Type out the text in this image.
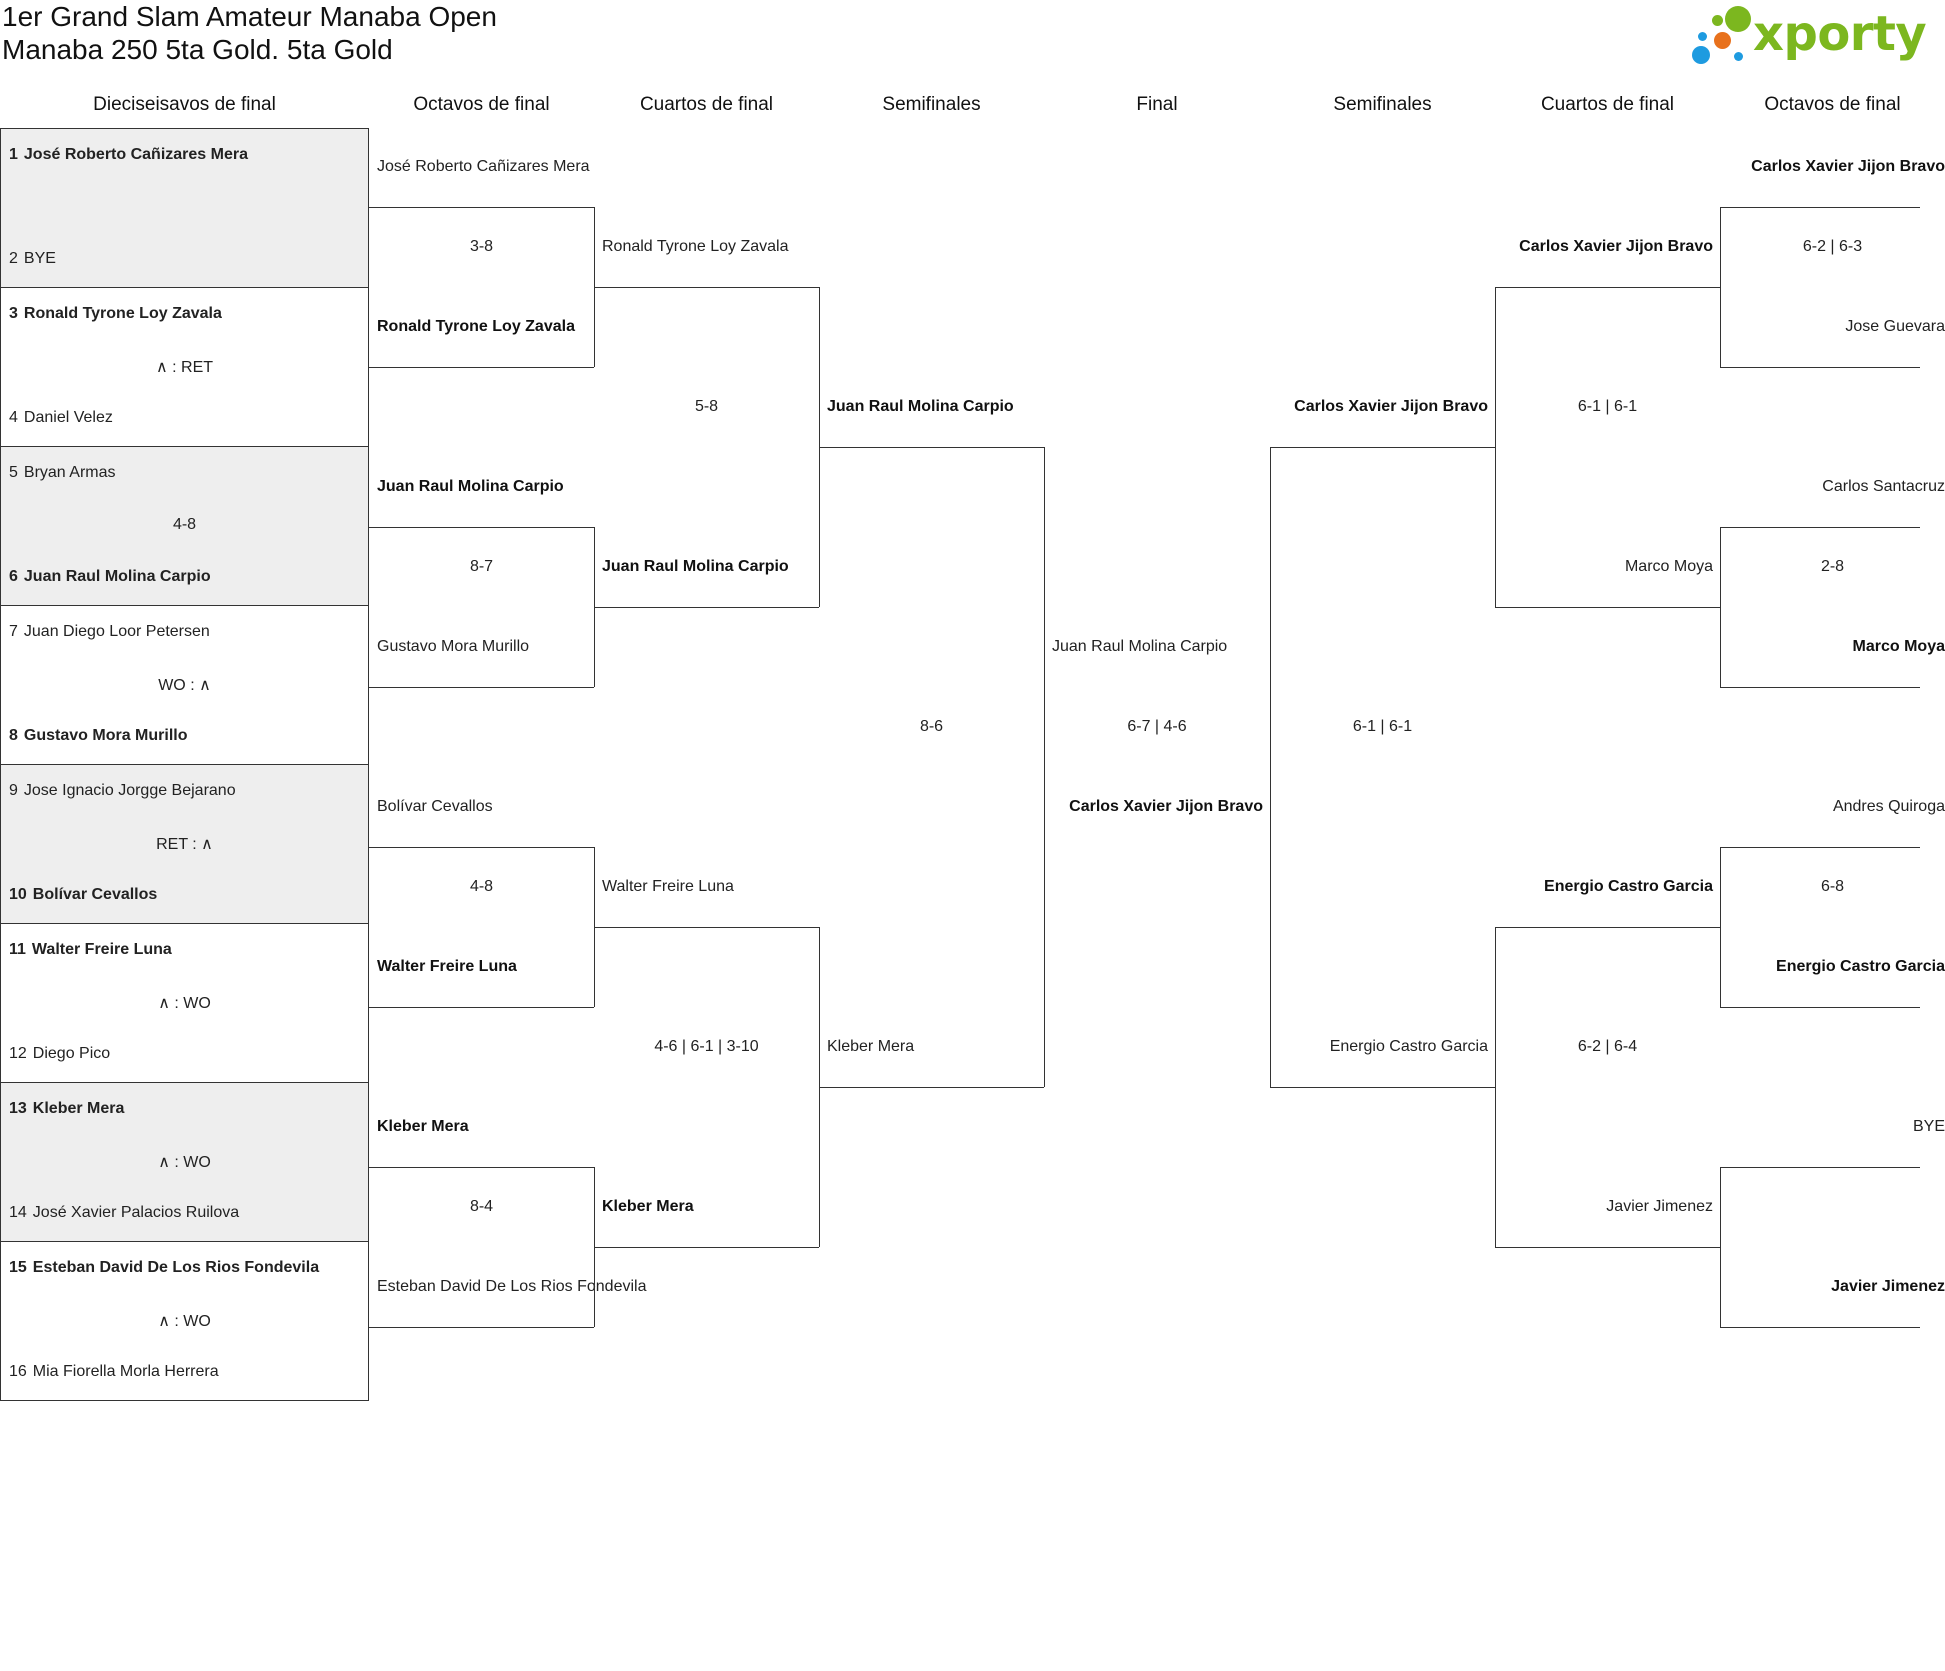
1er Grand Slam Amateur Manaba Open
Manaba 250 5ta Gold. 5ta Gold	xporty
Dieciseisavos de final	Octavos de final	Cuartos de final	Semifinales	Final	Semifinales	Cuartos de final	Octavos de final
1 José Roberto Cañizares Mera
2 BYE
3 Ronald Tyrone Loy Zavala
∧ : RET
4 Daniel Velez
5 Bryan Armas
4-8
6 Juan Raul Molina Carpio
7 Juan Diego Loor Petersen
WO : ∧
8 Gustavo Mora Murillo
9 Jose Ignacio Jorgge Bejarano
RET : ∧
10 Bolívar Cevallos
11 Walter Freire Luna
∧ : WO
12 Diego Pico
13 Kleber Mera
∧ : WO
14 José Xavier Palacios Ruilova
15 Esteban David De Los Rios Fondevila
∧ : WO
16 Mia Fiorella Morla Herrera
José Roberto Cañizares Mera
3-8
Ronald Tyrone Loy Zavala
Juan Raul Molina Carpio
8-7
Gustavo Mora Murillo
Bolívar Cevallos
4-8
Walter Freire Luna
Kleber Mera
8-4
Esteban David De Los Rios Fondevila
Ronald Tyrone Loy Zavala
5-8
Juan Raul Molina Carpio
Walter Freire Luna
4-6 | 6-1 | 3-10
Kleber Mera
Juan Raul Molina Carpio
8-6
Kleber Mera
Juan Raul Molina Carpio
6-7 | 4-6
Carlos Xavier Jijon Bravo
Carlos Xavier Jijon Bravo
6-1 | 6-1
Energio Castro Garcia
Carlos Xavier Jijon Bravo
6-1 | 6-1
Marco Moya
Energio Castro Garcia
6-2 | 6-4
Javier Jimenez
Carlos Xavier Jijon Bravo
6-2 | 6-3
Jose Guevara
Carlos Santacruz
2-8
Marco Moya
Andres Quiroga
6-8
Energio Castro Garcia
BYE
Javier Jimenez
